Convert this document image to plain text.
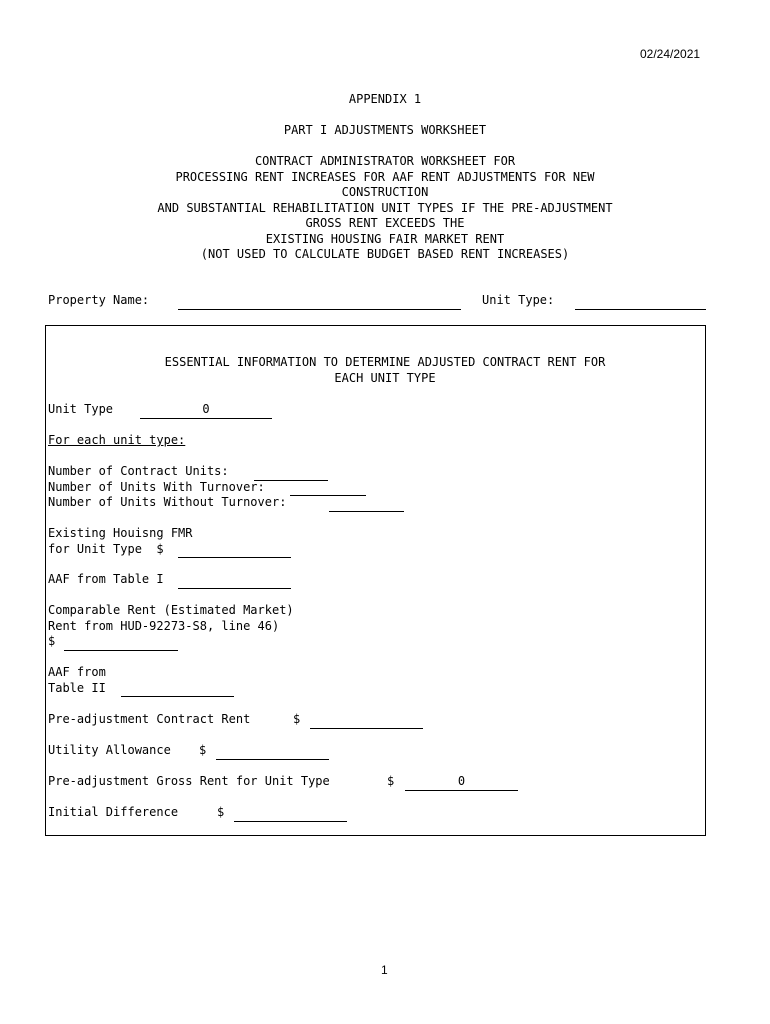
02/24/2021
APPENDIX 1
PART I ADJUSTMENTS WORKSHEET
CONTRACT ADMINISTRATOR WORKSHEET FOR
PROCESSING RENT INCREASES FOR AAF RENT ADJUSTMENTS FOR NEW
CONSTRUCTION
AND SUBSTANTIAL REHABILITATION UNIT TYPES IF THE PRE-ADJUSTMENT
GROSS RENT EXCEEDS THE
EXISTING HOUSING FAIR MARKET RENT
(NOT USED TO CALCULATE BUDGET BASED RENT INCREASES)
Property Name:	Unit Type:
ESSENTIAL INFORMATION TO DETERMINE ADJUSTED CONTRACT RENT FOR
EACH UNIT TYPE
Unit Type	0
For each unit type:
Number of Contract Units:
Number of Units With Turnover:
Number of Units Without Turnover:
Existing Houisng FMR
for Unit Type  $
AAF from Table I
Comparable Rent (Estimated Market)
Rent from HUD-92273-S8, line 46)
$
AAF from
Table II
Pre-adjustment Contract Rent	$
Utility Allowance $
Pre-adjustment Gross Rent for Unit Type	$	0
Initial Difference	$
1
